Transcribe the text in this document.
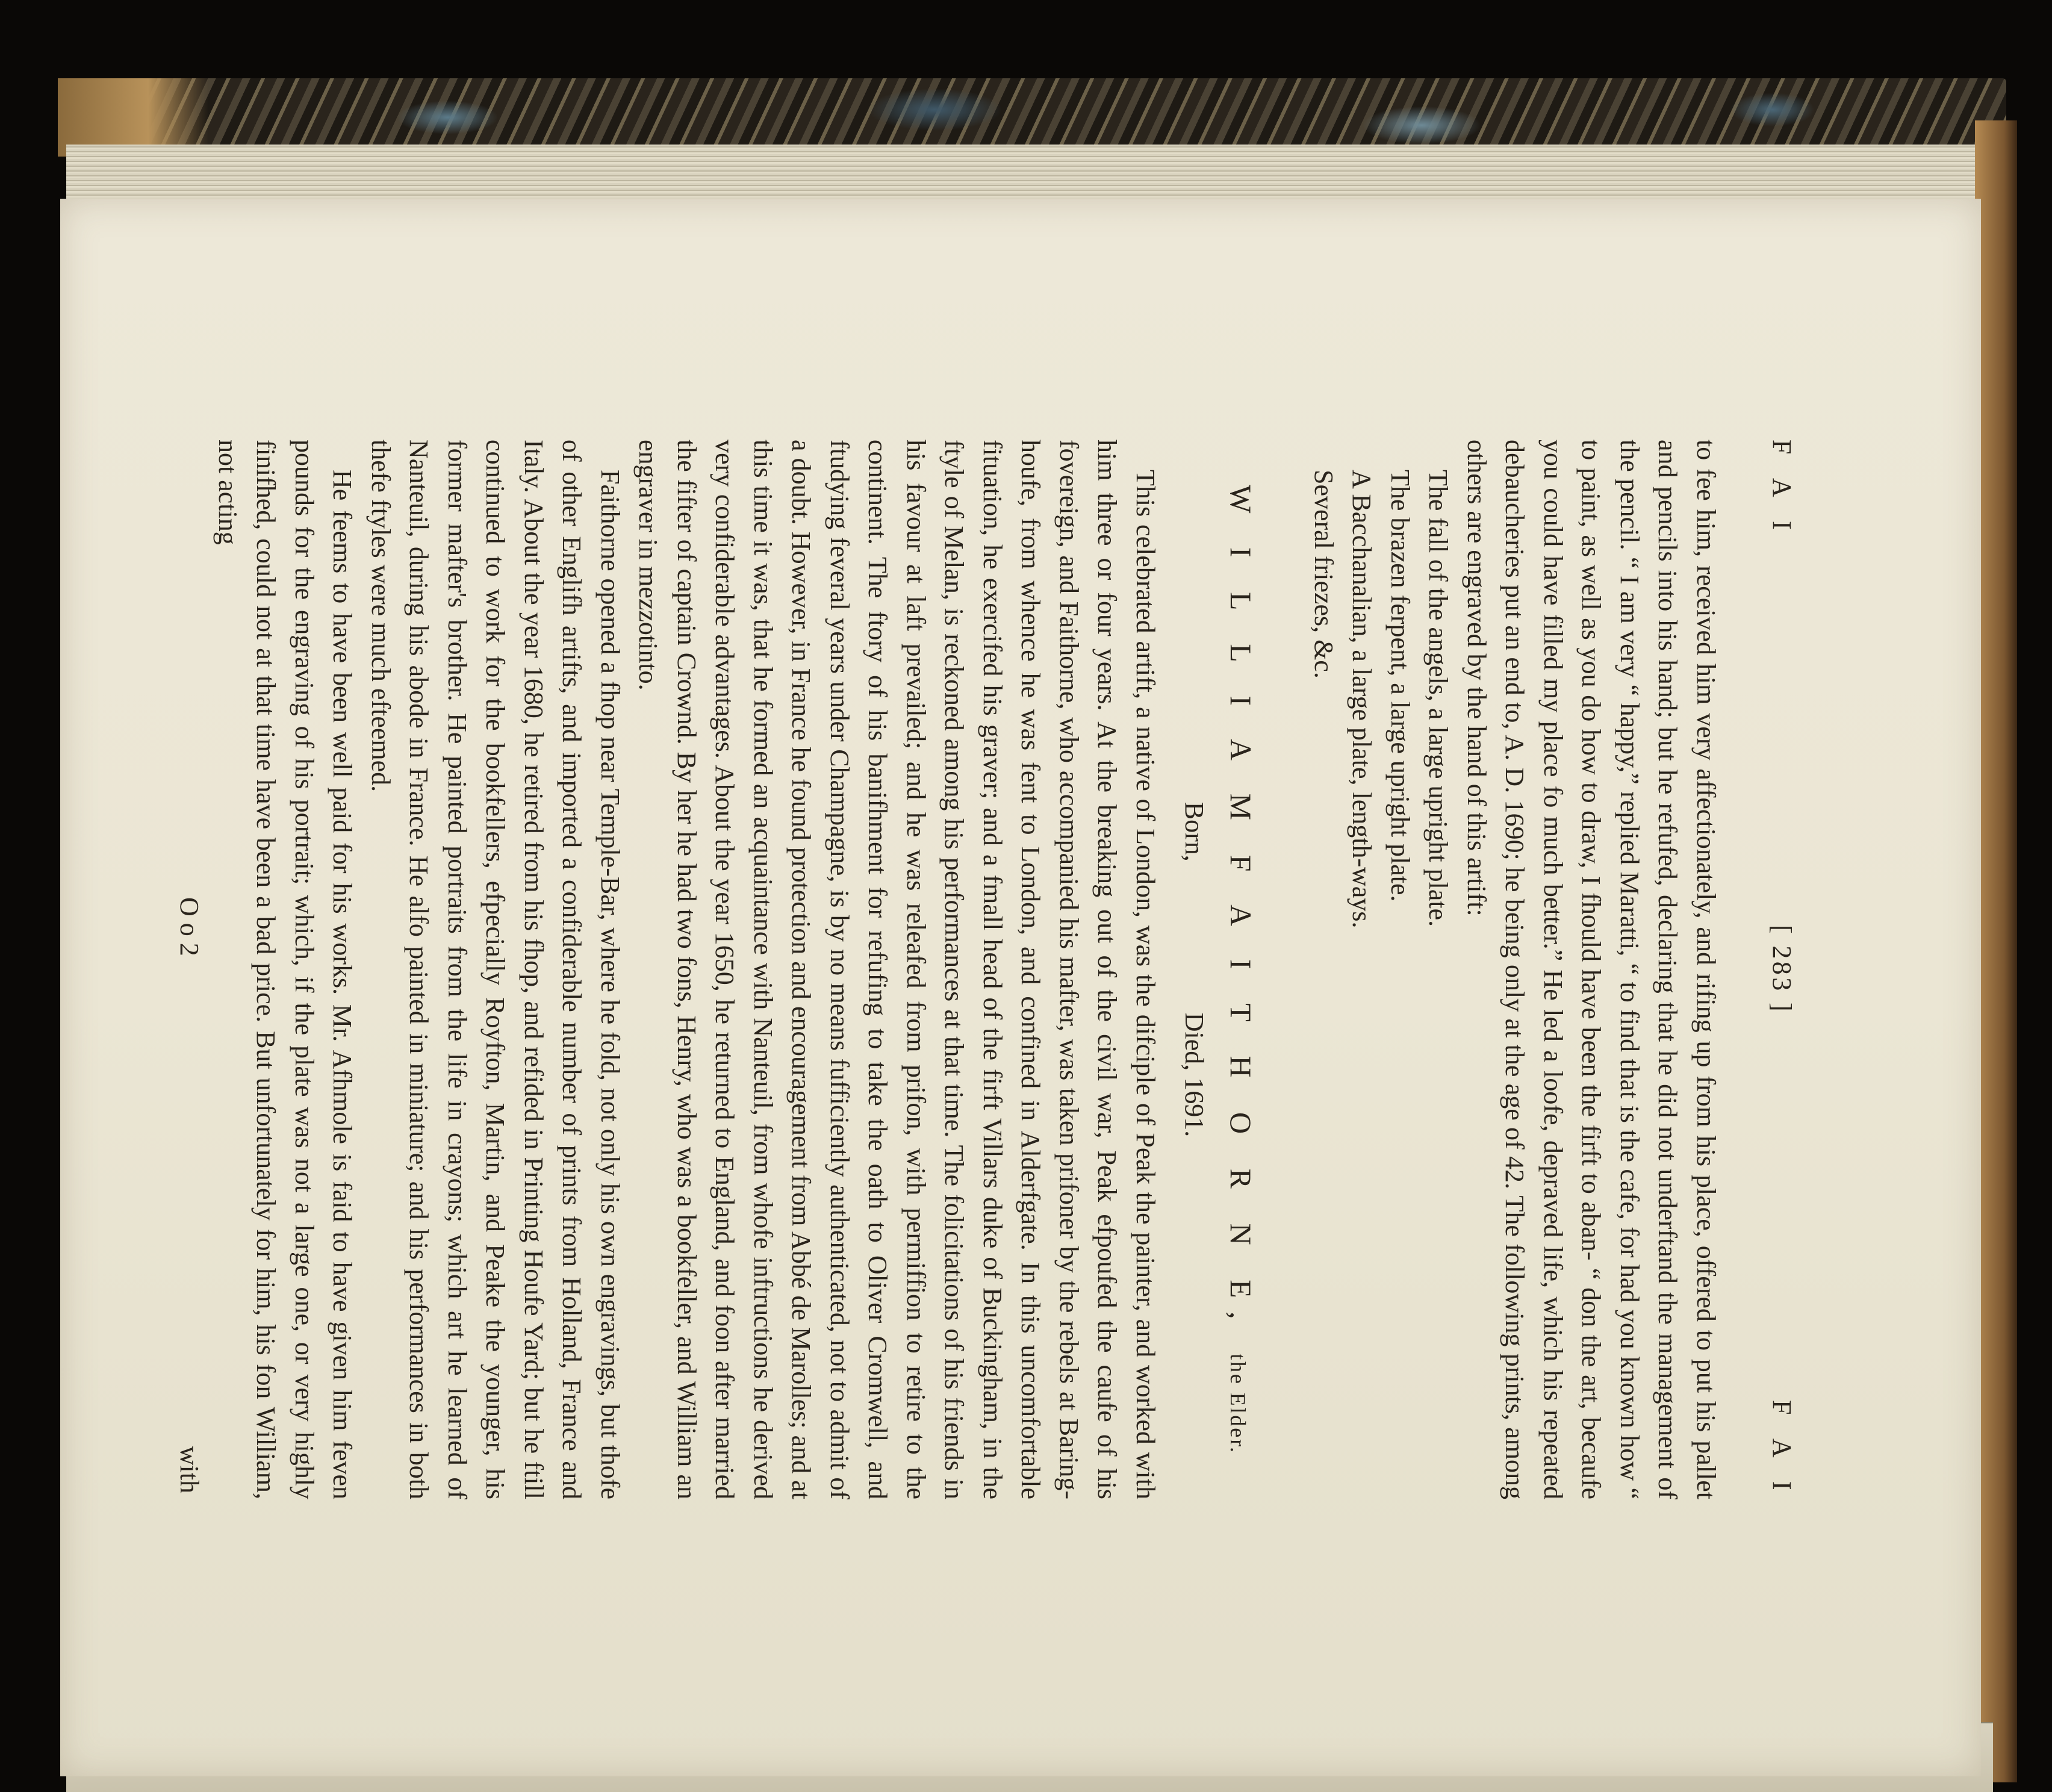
F A I
[ 283 ]
F A I

to fee him, received him very affectionately, and rifing up from his place, offered to put his pallet and pencils into his hand; but he refufed, declaring that he did not underftand the management of the pencil. “ I am very “ happy,” replied Maratti, “ to find that is the cafe, for had you known how “ to paint, as well as you do how to draw, I fhould have been the firft to aban- “ don the art, becaufe you could have filled my place fo much better.” He led a loofe, depraved life, which his repeated debaucheries put an end to, A. D. 1690; he being only at the age of 42. The following prints, among others are engraved by the hand of this artift:

The fall of the angels, a large upright plate.
The brazen ferpent, a large upright plate.
A Bacchanalian, a large plate, length-ways.
Several friezes, &c.
W I L L I A M F A I T H O R N E, the Elder.
Born, Died, 1691.

This celebrated artift, a native of London, was the difciple of Peak the painter, and worked with him three or four years. At the breaking out of the civil war, Peak efpoufed the caufe of his fovereign, and Faithorne, who accompanied his mafter, was taken prifoner by the rebels at Baring-houfe, from whence he was fent to London, and confined in Alderfgate. In this uncomfortable fituation, he exercifed his graver; and a fmall head of the firft Villars duke of Buckingham, in the ftyle of Melan, is reckoned among his performances at that time. The folicitations of his friends in his favour at laft prevailed; and he was releafed from prifon, with permiffion to retire to the continent. The ftory of his banifhment for refufing to take the oath to Oliver Cromwell, and ftudying feveral years under Champagne, is by no means fufficiently authenticated, not to admit of a doubt. However, in France he found protection and encouragement from Abbé de Marolles; and at this time it was, that he formed an acquaintance with Nanteuil, from whofe inftructions he derived very confiderable advantages. About the year 1650, he returned to England, and foon after married the fifter of captain Crownd. By her he had two fons, Henry, who was a bookfeller, and William an engraver in mezzotinto.

Faithorne opened a fhop near Temple-Bar, where he fold, not only his own engravings, but thofe of other Englifh artifts, and imported a confiderable number of prints from Holland, France and Italy. About the year 1680, he retired from his fhop, and refided in Printing Houfe Yard; but he ftill continued to work for the bookfellers, efpecially Royfton, Martin, and Peake the younger, his former mafter's brother. He painted portraits from the life in crayons; which art he learned of Nanteuil, during his abode in France. He alfo painted in miniature; and his performances in both thefe ftyles were much efteemed.

He feems to have been well paid for his works. Mr. Afhmole is faid to have given him feven pounds for the engraving of his portrait; which, if the plate was not a large one, or very highly finifhed, could not at that time have been a bad price. But unfortunately for him, his fon William, not acting

O o 2
with
